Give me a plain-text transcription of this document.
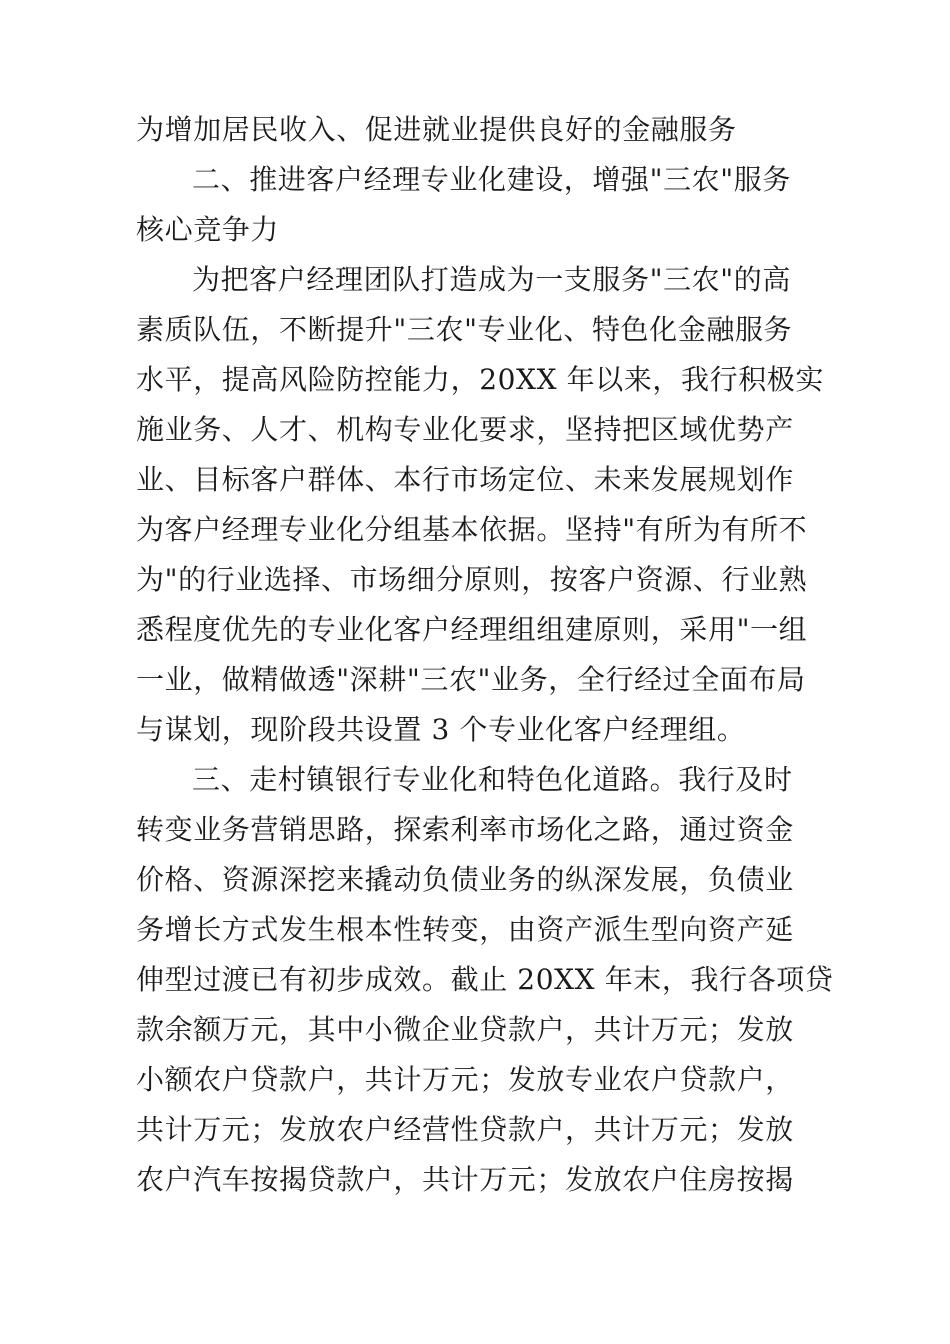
为增加居民收入、促进就业提供良好的金融服务
二、推进客户经理专业化建设，增强"三农"服务
核心竞争力
为把客户经理团队打造成为一支服务"三农"的高
素质队伍，不断提升"三农"专业化、特色化金融服务
水平，提高风险防控能力，20XX 年以来，我行积极实
施业务、人才、机构专业化要求，坚持把区域优势产
业、目标客户群体、本行市场定位、未来发展规划作
为客户经理专业化分组基本依据。坚持"有所为有所不
为"的行业选择、市场细分原则，按客户资源、行业熟
悉程度优先的专业化客户经理组组建原则，采用"一组
一业，做精做透"深耕"三农"业务，全行经过全面布局
与谋划，现阶段共设置 3 个专业化客户经理组。
三、走村镇银行专业化和特色化道路。我行及时
转变业务营销思路，探索利率市场化之路，通过资金
价格、资源深挖来撬动负债业务的纵深发展，负债业
务增长方式发生根本性转变，由资产派生型向资产延
伸型过渡已有初步成效。截止 20XX 年末，我行各项贷
款余额万元，其中小微企业贷款户，共计万元；发放
小额农户贷款户，共计万元；发放专业农户贷款户，
共计万元；发放农户经营性贷款户，共计万元；发放
农户汽车按揭贷款户，共计万元；发放农户住房按揭
